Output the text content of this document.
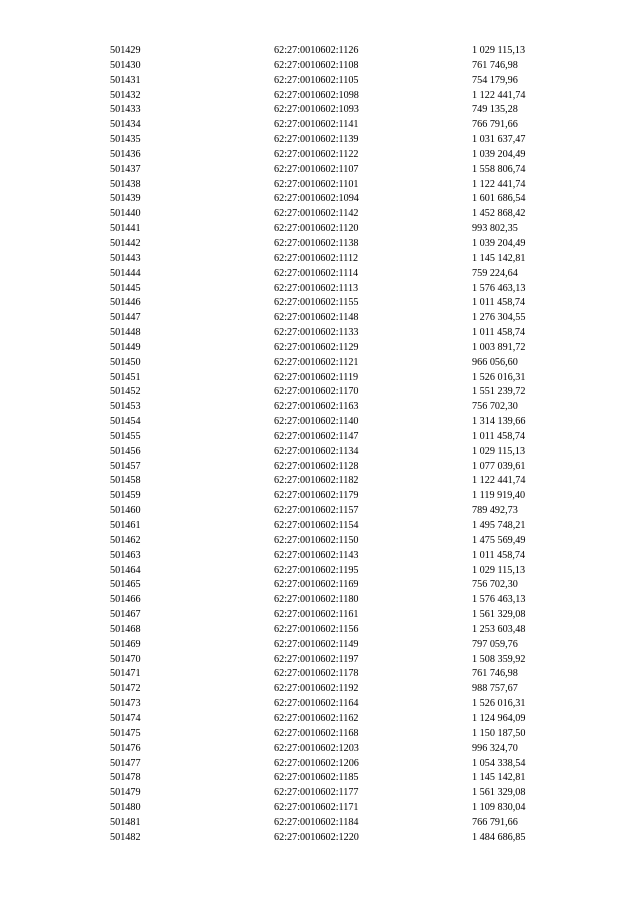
501429	62:27:0010602:1126	1 029 115,13
501430	62:27:0010602:1108	761 746,98
501431	62:27:0010602:1105	754 179,96
501432	62:27:0010602:1098	1 122 441,74
501433	62:27:0010602:1093	749 135,28
501434	62:27:0010602:1141	766 791,66
501435	62:27:0010602:1139	1 031 637,47
501436	62:27:0010602:1122	1 039 204,49
501437	62:27:0010602:1107	1 558 806,74
501438	62:27:0010602:1101	1 122 441,74
501439	62:27:0010602:1094	1 601 686,54
501440	62:27:0010602:1142	1 452 868,42
501441	62:27:0010602:1120	993 802,35
501442	62:27:0010602:1138	1 039 204,49
501443	62:27:0010602:1112	1 145 142,81
501444	62:27:0010602:1114	759 224,64
501445	62:27:0010602:1113	1 576 463,13
501446	62:27:0010602:1155	1 011 458,74
501447	62:27:0010602:1148	1 276 304,55
501448	62:27:0010602:1133	1 011 458,74
501449	62:27:0010602:1129	1 003 891,72
501450	62:27:0010602:1121	966 056,60
501451	62:27:0010602:1119	1 526 016,31
501452	62:27:0010602:1170	1 551 239,72
501453	62:27:0010602:1163	756 702,30
501454	62:27:0010602:1140	1 314 139,66
501455	62:27:0010602:1147	1 011 458,74
501456	62:27:0010602:1134	1 029 115,13
501457	62:27:0010602:1128	1 077 039,61
501458	62:27:0010602:1182	1 122 441,74
501459	62:27:0010602:1179	1 119 919,40
501460	62:27:0010602:1157	789 492,73
501461	62:27:0010602:1154	1 495 748,21
501462	62:27:0010602:1150	1 475 569,49
501463	62:27:0010602:1143	1 011 458,74
501464	62:27:0010602:1195	1 029 115,13
501465	62:27:0010602:1169	756 702,30
501466	62:27:0010602:1180	1 576 463,13
501467	62:27:0010602:1161	1 561 329,08
501468	62:27:0010602:1156	1 253 603,48
501469	62:27:0010602:1149	797 059,76
501470	62:27:0010602:1197	1 508 359,92
501471	62:27:0010602:1178	761 746,98
501472	62:27:0010602:1192	988 757,67
501473	62:27:0010602:1164	1 526 016,31
501474	62:27:0010602:1162	1 124 964,09
501475	62:27:0010602:1168	1 150 187,50
501476	62:27:0010602:1203	996 324,70
501477	62:27:0010602:1206	1 054 338,54
501478	62:27:0010602:1185	1 145 142,81
501479	62:27:0010602:1177	1 561 329,08
501480	62:27:0010602:1171	1 109 830,04
501481	62:27:0010602:1184	766 791,66
501482	62:27:0010602:1220	1 484 686,85
